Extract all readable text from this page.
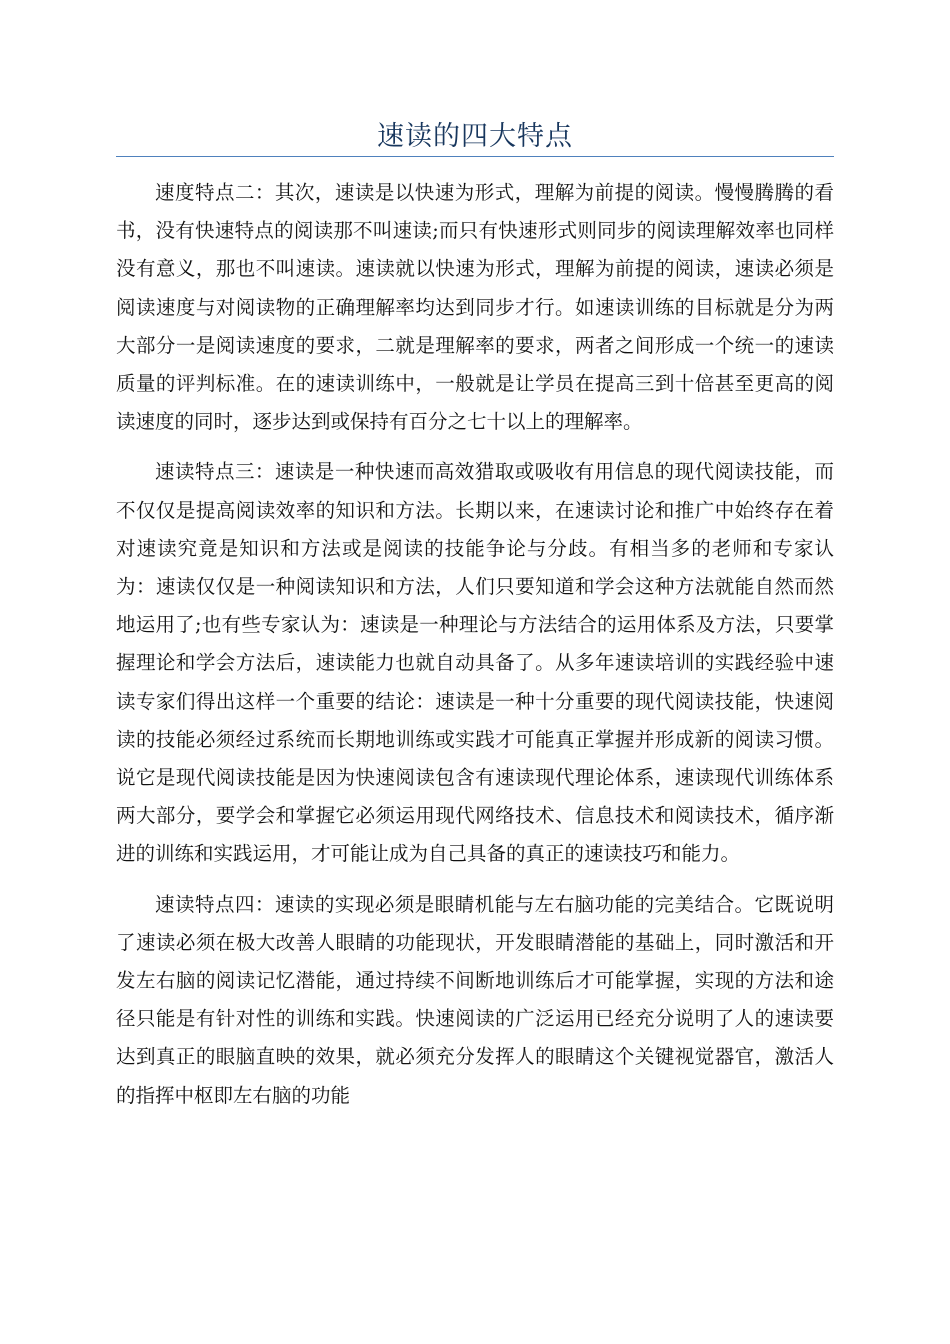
速读的四大特点

速度特点二：其次，速读是以快速为形式，理解为前提的阅读。慢慢腾腾的看书，没有快速特点的阅读那不叫速读;而只有快速形式则同步的阅读理解效率也同样没有意义，那也不叫速读。速读就以快速为形式，理解为前提的阅读，速读必须是阅读速度与对阅读物的正确理解率均达到同步才行。如速读训练的目标就是分为两大部分一是阅读速度的要求，二就是理解率的要求，两者之间形成一个统一的速读质量的评判标准。在的速读训练中，一般就是让学员在提高三到十倍甚至更高的阅读速度的同时，逐步达到或保持有百分之七十以上的理解率。

速读特点三：速读是一种快速而高效猎取或吸收有用信息的现代阅读技能，而不仅仅是提高阅读效率的知识和方法。长期以来，在速读讨论和推广中始终存在着对速读究竟是知识和方法或是阅读的技能争论与分歧。有相当多的老师和专家认为：速读仅仅是一种阅读知识和方法，人们只要知道和学会这种方法就能自然而然地运用了;也有些专家认为：速读是一种理论与方法结合的运用体系及方法，只要掌握理论和学会方法后，速读能力也就自动具备了。从多年速读培训的实践经验中速读专家们得出这样一个重要的结论：速读是一种十分重要的现代阅读技能，快速阅读的技能必须经过系统而长期地训练或实践才可能真正掌握并形成新的阅读习惯。说它是现代阅读技能是因为快速阅读包含有速读现代理论体系，速读现代训练体系两大部分，要学会和掌握它必须运用现代网络技术、信息技术和阅读技术，循序渐进的训练和实践运用，才可能让成为自己具备的真正的速读技巧和能力。

速读特点四：速读的实现必须是眼睛机能与左右脑功能的完美结合。它既说明了速读必须在极大改善人眼睛的功能现状，开发眼睛潜能的基础上，同时激活和开发左右脑的阅读记忆潜能，通过持续不间断地训练后才可能掌握，实现的方法和途径只能是有针对性的训练和实践。快速阅读的广泛运用已经充分说明了人的速读要达到真正的眼脑直映的效果，就必须充分发挥人的眼睛这个关键视觉器官，激活人的指挥中枢即左右脑的功能
